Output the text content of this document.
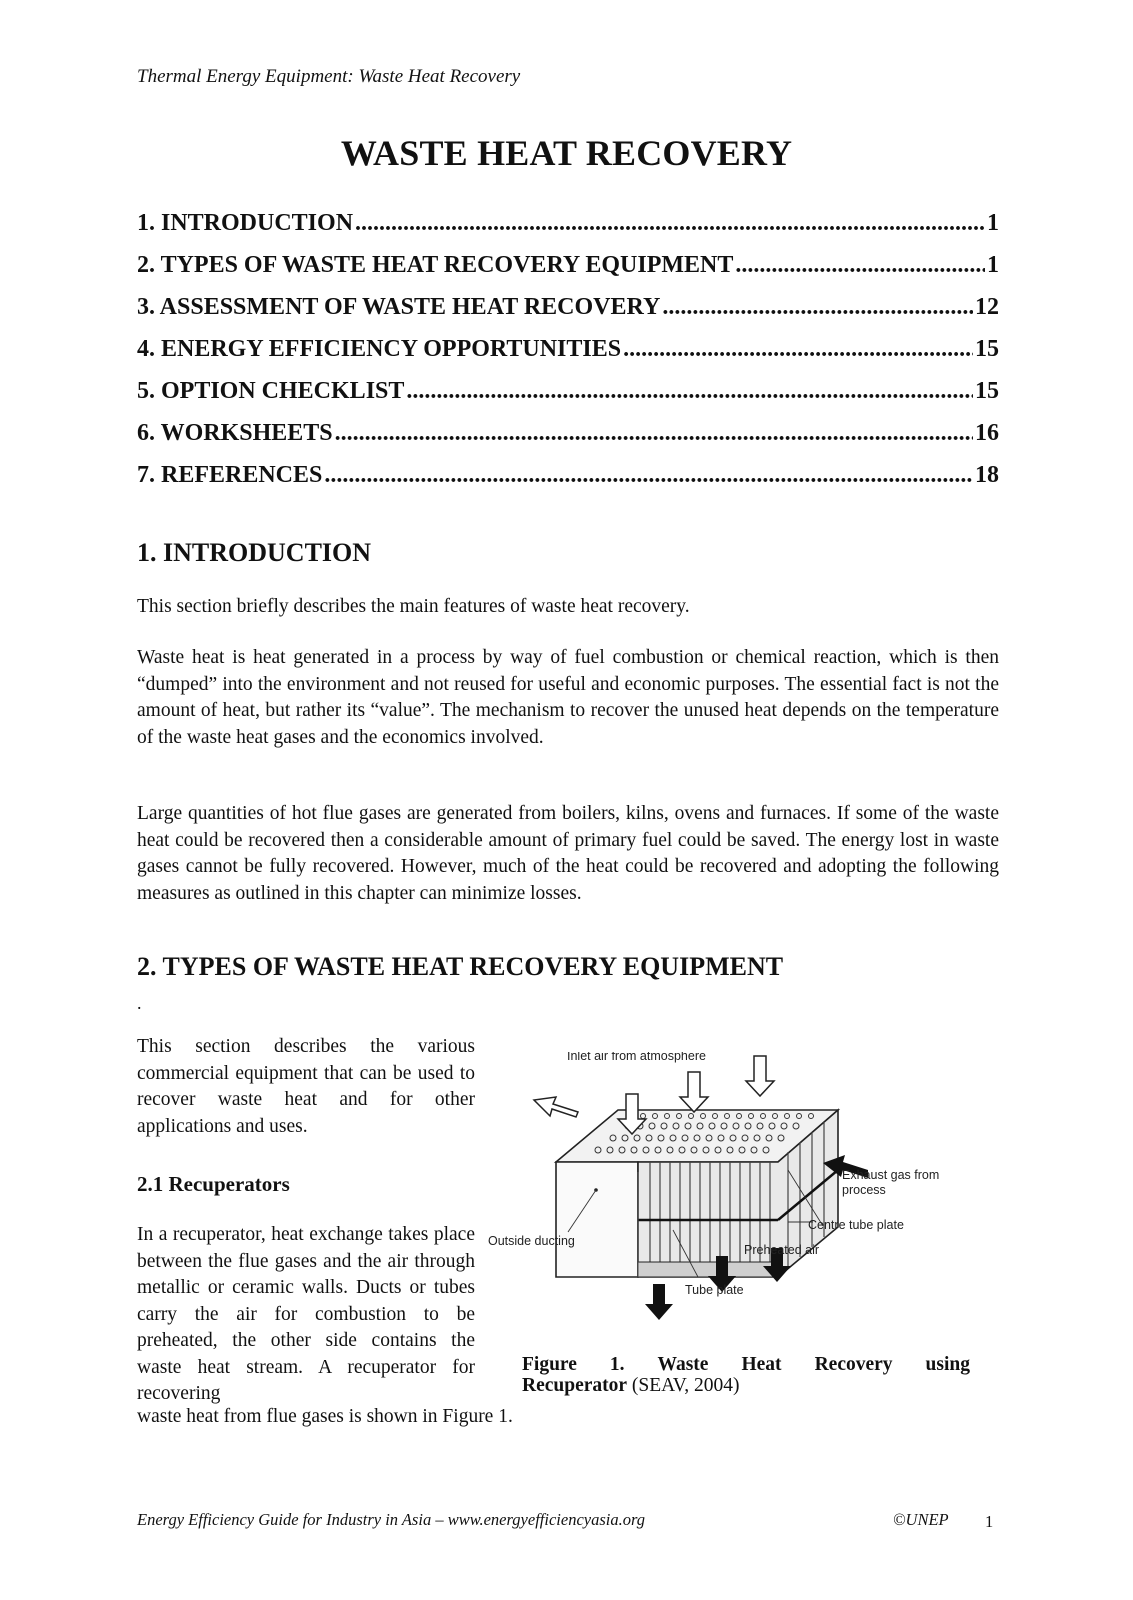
Thermal Energy Equipment: Waste Heat Recovery
WASTE HEAT RECOVERY
1. INTRODUCTION .....	1
2. TYPES OF WASTE HEAT RECOVERY EQUIPMENT .....	1
3. ASSESSMENT OF WASTE HEAT RECOVERY .....	12
4. ENERGY EFFICIENCY OPPORTUNITIES .....	15
5. OPTION CHECKLIST .....	15
6. WORKSHEETS .....	16
7. REFERENCES .....	18
1. INTRODUCTION

This section briefly describes the main features of waste heat recovery.

Waste heat is heat generated in a process by way of fuel combustion or chemical reaction, which is then “dumped” into the environment and not reused for useful and economic purposes. The essential fact is not the amount of heat, but rather its “value”. The mechanism to recover the unused heat depends on the temperature of the waste heat gases and the economics involved.

Large quantities of hot flue gases are generated from boilers, kilns, ovens and furnaces. If some of the waste heat could be recovered then a considerable amount of primary fuel could be saved. The energy lost in waste gases cannot be fully recovered. However, much of the heat could be recovered and adopting the following measures as outlined in this chapter can minimize losses.

2. TYPES OF WASTE HEAT RECOVERY EQUIPMENT
.

This section describes the various commercial equipment that can be used to recover waste heat and for other applications and uses.

2.1 Recuperators

In a recuperator, heat exchange takes place between the flue gases and the air through metallic or ceramic walls. Ducts or tubes carry the air for combustion to be preheated, the other side contains the waste heat stream. A recuperator for recovering

waste heat from flue gases is shown in Figure 1.
Inlet air from atmosphere
Exhaust gas from
process
Centre tube plate
Outside ducting
Preheated air
Tube plate
Figure 1. Waste Heat Recovery using
Recuperator (SEAV, 2004)
Energy Efficiency Guide for Industry in Asia – www.energyefficiencyasia.org	©UNEP 1
